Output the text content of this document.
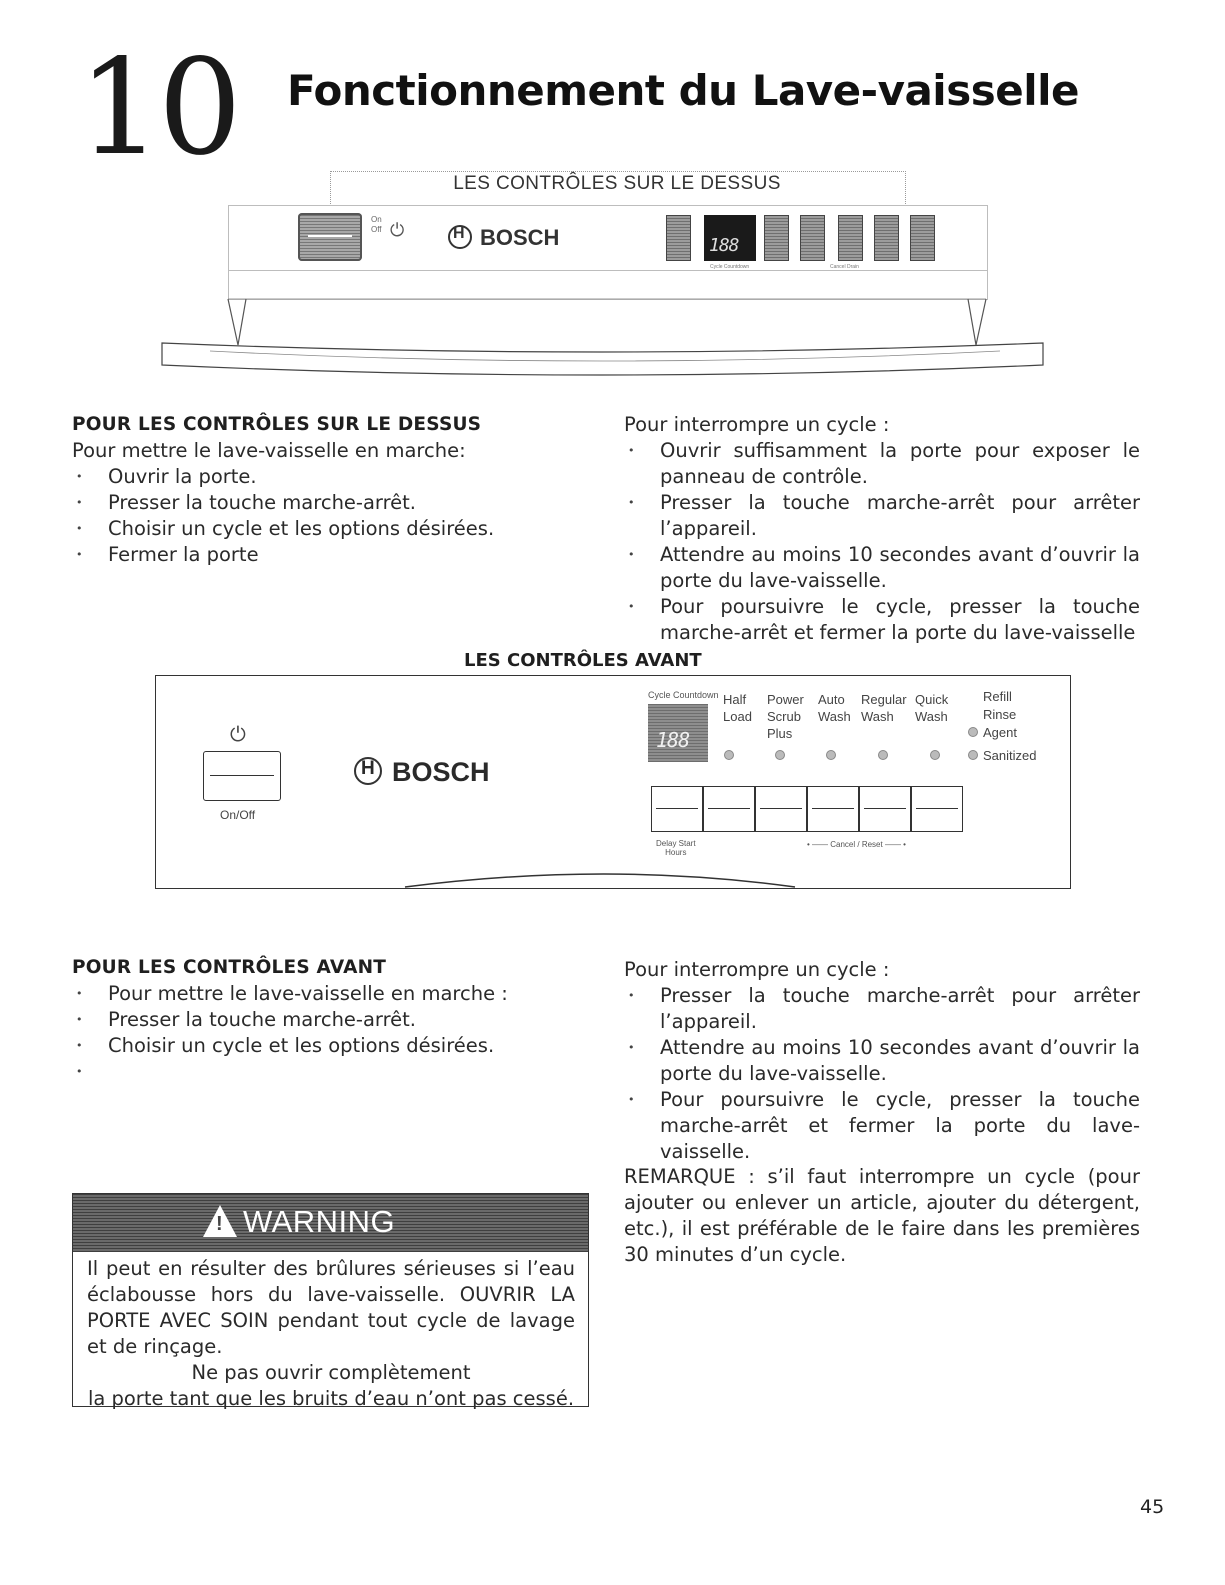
10 Fonctionnement du Lave-vaisselle
LES CONTRÔLES SUR LE DESSUS
On
Off ⏻
H	BOSCH	188
Cycle Countdown	Cancel Drain
POUR LES CONTRÔLES SUR LE DESSUS
Pour mettre le lave-vaisselle en marche:
• Ouvrir la porte.
• Presser la touche marche-arrêt.
• Choisir un cycle et les options désirées.
• Fermer la porte
Pour interrompre un cycle :
• Ouvrir suffisamment la porte pour exposer le panneau de contrôle.
• Presser la touche marche-arrêt pour arrêter l’appareil.
• Attendre au moins 10 secondes avant d’ouvrir la porte du lave-vaisselle.
• Pour poursuivre le cycle, presser la touche marche-arrêt et fermer la porte du lave-vaisselle
LES CONTRÔLES AVANT
⏻
On/Off
HBOSCH
Cycle Countdown
188
Half
Load
Power
Scrub
Plus
Auto
Wash
Regular
Wash
Quick
Wash
Refill
Rinse
Agent
Sanitized
Delay Start
Hours
• —— Cancel / Reset —— •
POUR LES CONTRÔLES AVANT
• Pour mettre le lave-vaisselle en marche :
• Presser la touche marche-arrêt.
• Choisir un cycle et les options désirées.
•
Pour interrompre un cycle :
• Presser la touche marche-arrêt pour arrêter l’appareil.
• Attendre au moins 10 secondes avant d’ouvrir la porte du lave-vaisselle.
• Pour poursuivre le cycle, presser la touche marche-arrêt et fermer la porte du lave-vaisselle.
REMARQUE : s’il faut interrompre un cycle (pour ajouter ou enlever un article, ajouter du détergent, etc.), il est préférable de le faire dans les premières 30 minutes d’un cycle.
!WARNING
Il peut en résulter des brûlures sérieuses si l’eau éclabousse hors du lave-vaisselle. OUVRIR LA PORTE AVEC SOIN pendant tout cycle de lavage et de rinçage.
Ne pas ouvrir complètement
la porte tant que les bruits d’eau n’ont pas cessé.
45
